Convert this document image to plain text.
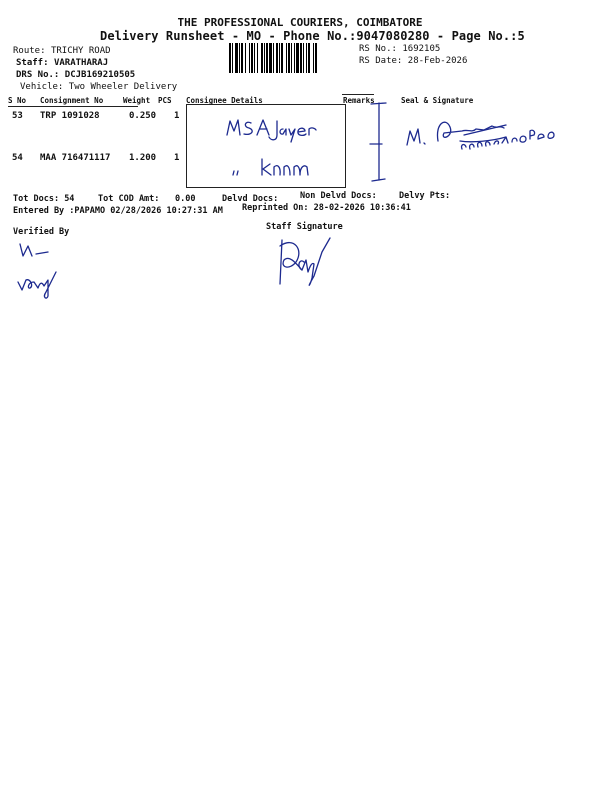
THE PROFESSIONAL COURIERS, COIMBATORE
Delivery Runsheet - MO - Phone No.:9047080280 - Page No.:5
Route: TRICHY ROAD
Staff: VARATHARAJ
DRS No.: DCJB169210505
Vehicle: Two Wheeler Delivery
RS No.: 1692105
RS Date: 28-Feb-2026
S No Consignment No	Weight PCS Consignee Details	Remarks	Seal & Signature
53 TRP 1091028	0.250 1
54 MAA 716471117 1.200 1
Tot Docs: 54	Tot COD Amt: 0.00	Delvd Docs:	Non Delvd Docs:	Delvy Pts:
Entered By :PAPAMO 02/28/2026 10:27:31 AM Reprinted On: 28-02-2026 10:36:41
Verified By	Staff Signature
